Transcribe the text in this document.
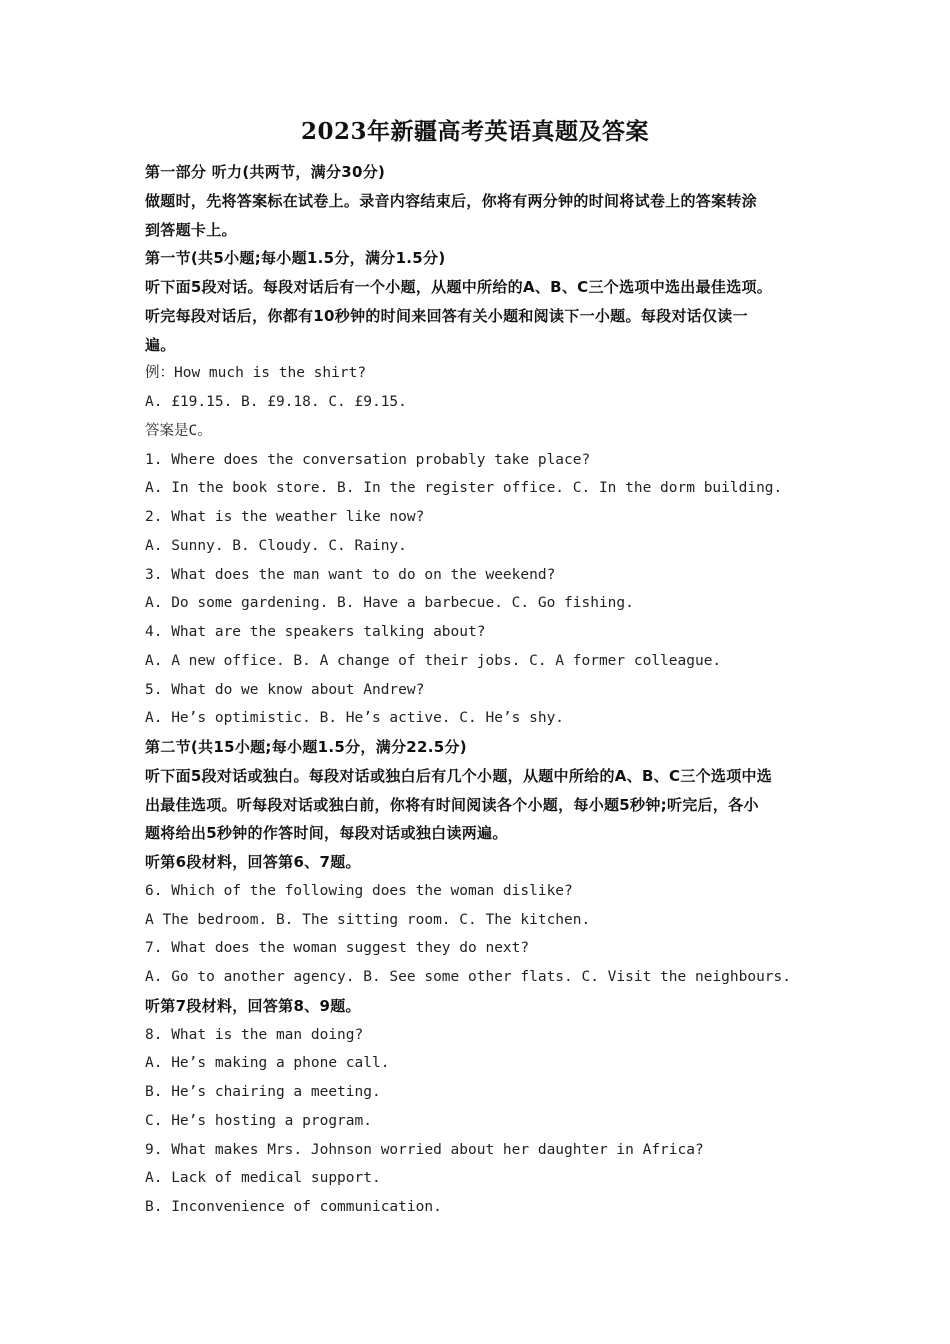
2023年新疆高考英语真题及答案
第一部分 听力(共两节，满分30分)
做题时，先将答案标在试卷上。录音内容结束后，你将有两分钟的时间将试卷上的答案转涂
到答题卡上。
第一节(共5小题;每小题1.5分，满分1.5分)
听下面5段对话。每段对话后有一个小题，从题中所给的A、B、C三个选项中选出最佳选项。
听完每段对话后，你都有10秒钟的时间来回答有关小题和阅读下一小题。每段对话仅读一
遍。
例：How much is the shirt?
A. £19.15. B. £9.18. C. £9.15.
答案是C。
1. Where does the conversation probably take place?
A. In the book store. B. In the register office. C. In the dorm building.
2. What is the weather like now?
A. Sunny. B. Cloudy. C. Rainy.
3. What does the man want to do on the weekend?
A. Do some gardening. B. Have a barbecue. C. Go fishing.
4. What are the speakers talking about?
A. A new office. B. A change of their jobs. C. A former colleague.
5. What do we know about Andrew?
A. He’s optimistic. B. He’s active. C. He’s shy.
第二节(共15小题;每小题1.5分，满分22.5分)
听下面5段对话或独白。每段对话或独白后有几个小题，从题中所给的A、B、C三个选项中选
出最佳选项。听每段对话或独白前，你将有时间阅读各个小题，每小题5秒钟;听完后，各小
题将给出5秒钟的作答时间，每段对话或独白读两遍。
听第6段材料，回答第6、7题。
6. Which of the following does the woman dislike?
A The bedroom. B. The sitting room. C. The kitchen.
7. What does the woman suggest they do next?
A. Go to another agency. B. See some other flats. C. Visit the neighbours.
听第7段材料，回答第8、9题。
8. What is the man doing?
A. He’s making a phone call.
B. He’s chairing a meeting.
C. He’s hosting a program.
9. What makes Mrs. Johnson worried about her daughter in Africa?
A. Lack of medical support.
B. Inconvenience of communication.
